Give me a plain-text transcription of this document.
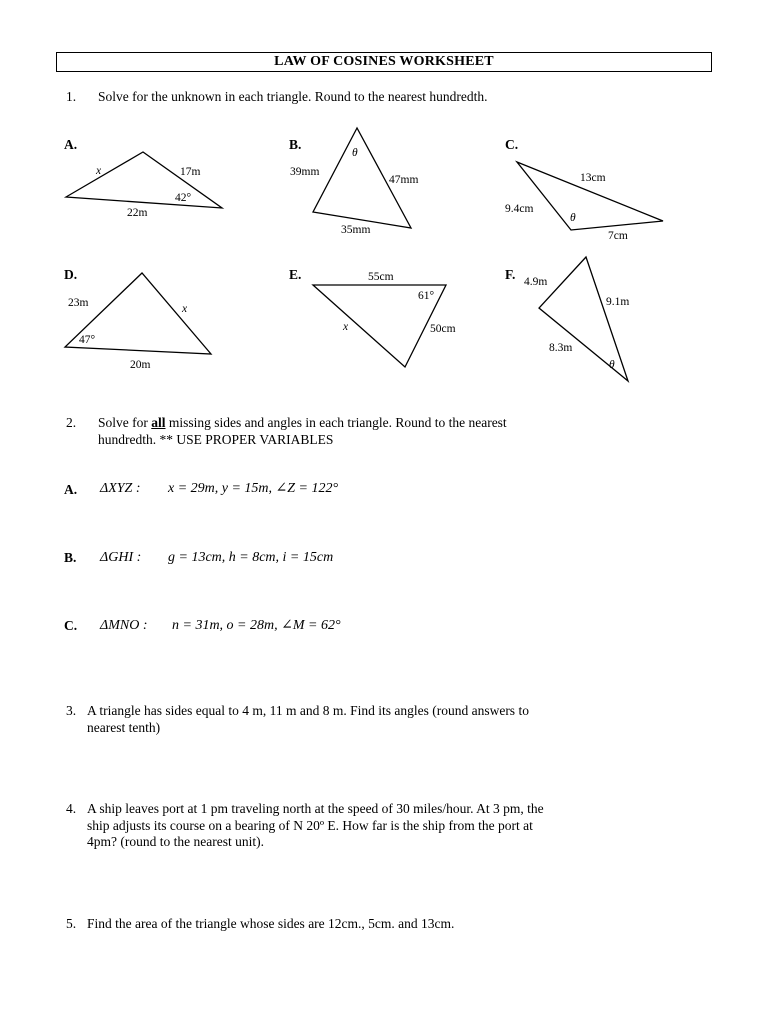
LAW OF COSINES WORKSHEET
1. Solve for the unknown in each triangle. Round to the nearest hundredth.
A.	B.	C.
D.	E.	F.
x	17m
42°
22m
θ
39mm
47mm
35mm
13cm
9.4cm
θ
7cm
23m	x
47°
20m
55cm
61°
x	50cm
4.9m
9.1m
8.3m
θ
2. Solve for all missing sides and angles in each triangle. Round to the nearest
hundredth. ** USE PROPER VARIABLES
A. ΔXYZ : x = 29m, y = 15m, ∠Z = 122°
B. ΔGHI : g = 13cm, h = 8cm, i = 15cm
C. ΔMNO : n = 31m, o = 28m, ∠M = 62°
3. A triangle has sides equal to 4 m, 11 m and 8 m. Find its angles (round answers to
nearest tenth)
4. A ship leaves port at 1 pm traveling north at the speed of 30 miles/hour. At 3 pm, the
ship adjusts its course on a bearing of N 20º E. How far is the ship from the port at
4pm? (round to the nearest unit).
5. Find the area of the triangle whose sides are 12cm., 5cm. and 13cm.
